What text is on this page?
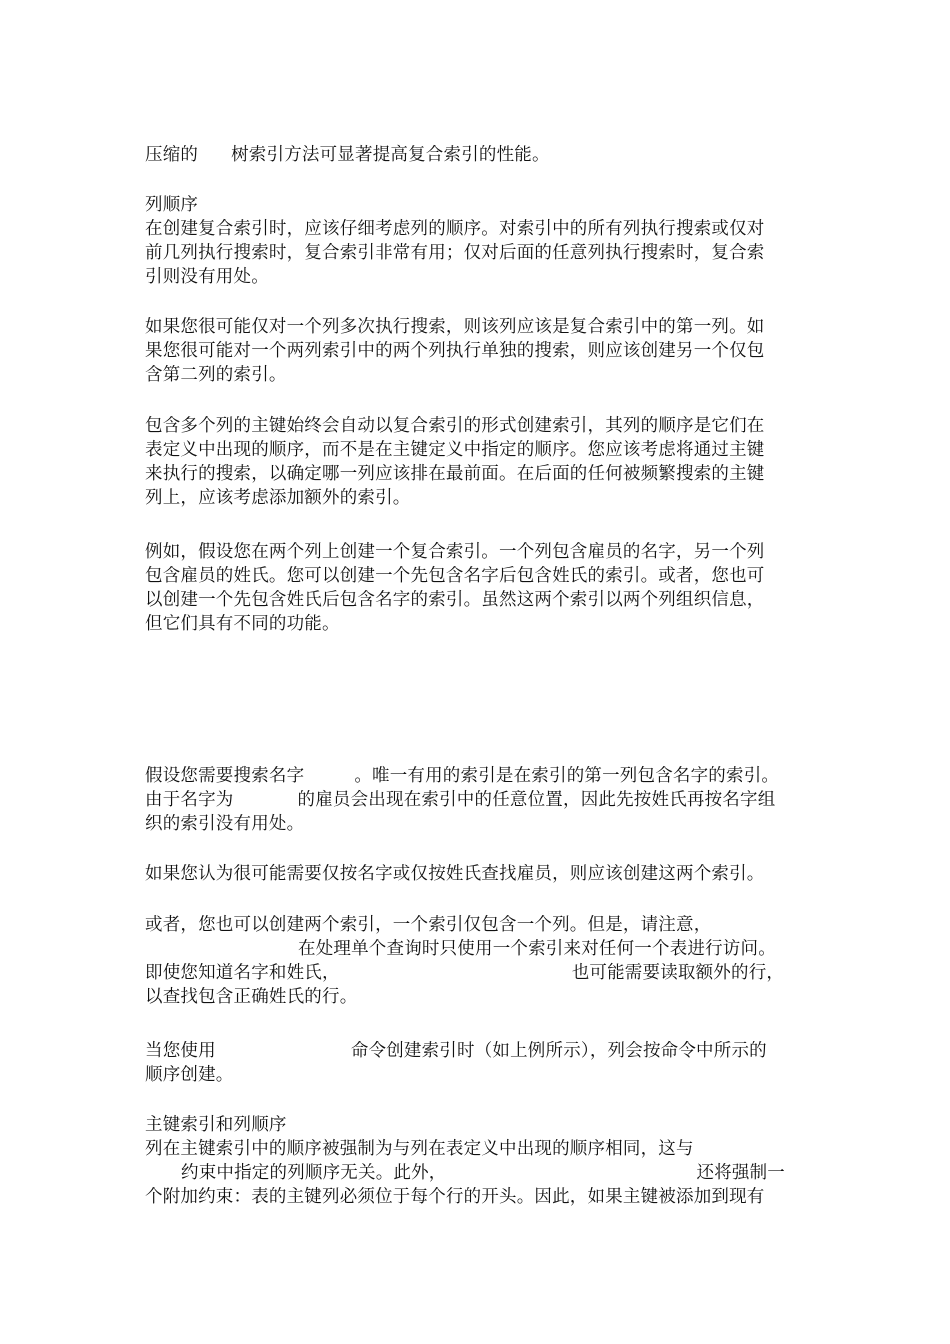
压缩的 树索引方法可显著提高复合索引的性能。
列顺序
在创建复合索引时，应该仔细考虑列的顺序。对索引中的所有列执行搜索或仅对
前几列执行搜索时，复合索引非常有用；仅对后面的任意列执行搜索时，复合索
引则没有用处。
如果您很可能仅对一个列多次执行搜索，则该列应该是复合索引中的第一列。如
果您很可能对一个两列索引中的两个列执行单独的搜索，则应该创建另一个仅包
含第二列的索引。
包含多个列的主键始终会自动以复合索引的形式创建索引，其列的顺序是它们在
表定义中出现的顺序，而不是在主键定义中指定的顺序。您应该考虑将通过主键
来执行的搜索，以确定哪一列应该排在最前面。在后面的任何被频繁搜索的主键
列上，应该考虑添加额外的索引。
例如，假设您在两个列上创建一个复合索引。一个列包含雇员的名字，另一个列
包含雇员的姓氏。您可以创建一个先包含名字后包含姓氏的索引。或者，您也可
以创建一个先包含姓氏后包含名字的索引。虽然这两个索引以两个列组织信息，
但它们具有不同的功能。
假设您需要搜索名字	。唯一有用的索引是在索引的第一列包含名字的索引。
由于名字为	的雇员会出现在索引中的任意位置，因此先按姓氏再按名字组
织的索引没有用处。
如果您认为很可能需要仅按名字或仅按姓氏查找雇员，则应该创建这两个索引。
或者，您也可以创建两个索引，一个索引仅包含一个列。但是，请注意，
在处理单个查询时只使用一个索引来对任何一个表进行访问。
即使您知道名字和姓氏，	也可能需要读取额外的行，
以查找包含正确姓氏的行。
当您使用	命令创建索引时（如上例所示），列会按命令中所示的
顺序创建。
主键索引和列顺序
列在主键索引中的顺序被强制为与列在表定义中出现的顺序相同，这与
约束中指定的列顺序无关。此外，	还将强制一
个附加约束：表的主键列必须位于每个行的开头。因此，如果主键被添加到现有
